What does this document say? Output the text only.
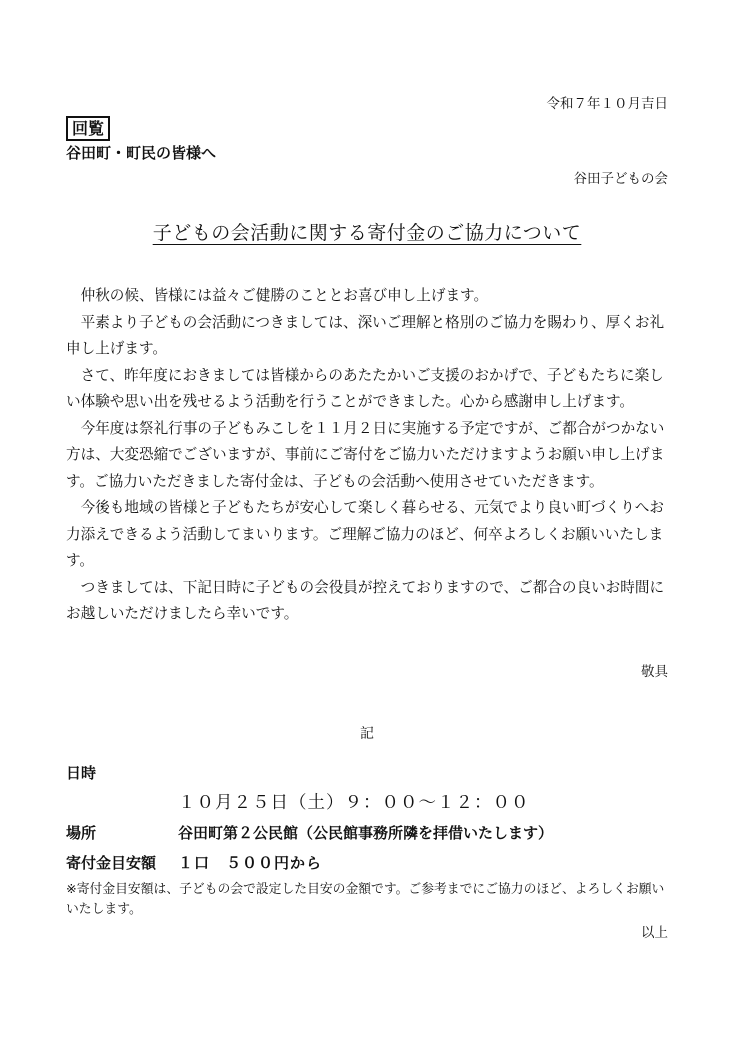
令和７年１０月吉日
回覧
谷田町・町民の皆様へ
谷田子どもの会
子どもの会活動に関する寄付金のご協力について

仲秋の候、皆様には益々ご健勝のこととお喜び申し上げます。

平素より子どもの会活動につきましては、深いご理解と格別のご協力を賜わり、厚くお礼申し上げます。

さて、昨年度におきましては皆様からのあたたかいご支援のおかげで、子どもたちに楽しい体験や思い出を残せるよう活動を行うことができました。心から感謝申し上げます。

今年度は祭礼行事の子どもみこしを１１月２日に実施する予定ですが、ご都合がつかない方は、大変恐縮でございますが、事前にご寄付をご協力いただけますようお願い申し上げます。ご協力いただきました寄付金は、子どもの会活動へ使用させていただきます。

今後も地域の皆様と子どもたちが安心して楽しく暮らせる、元気でより良い町づくりへお力添えできるよう活動してまいります。ご理解ご協力のほど、何卒よろしくお願いいたします。

つきましては、下記日時に子どもの会役員が控えておりますので、ご都合の良いお時間にお越しいただけましたら幸いです。

敬具
記
日時
１０月２５日（土）９：００～１２：００
場所	谷田町第２公民館（公民館事務所隣を拝借いたします）
寄付金目安額 １口　５００円から
※寄付金目安額は、子どもの会で設定した目安の金額です。ご参考までにご協力のほど、よろしくお願いいたします。
以上
